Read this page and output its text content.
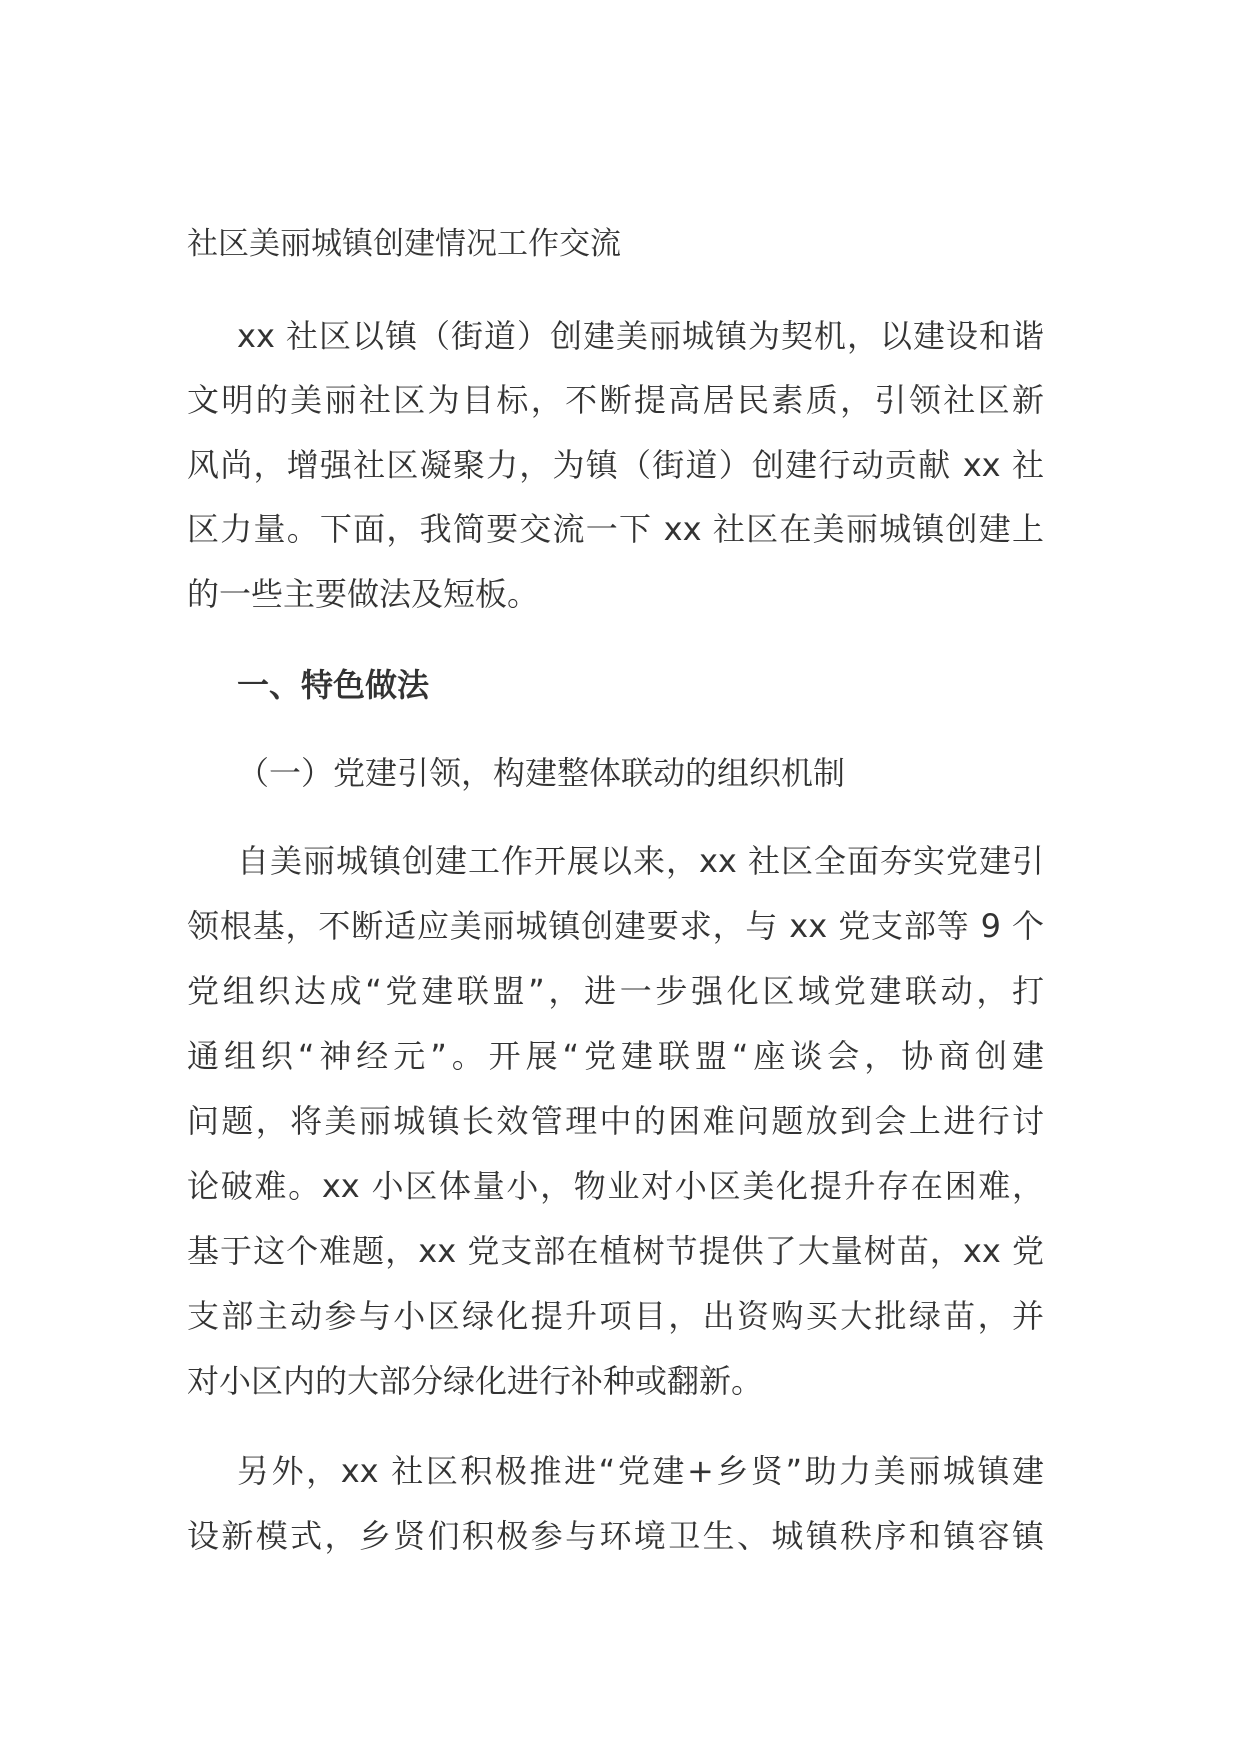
社区美丽城镇创建情况工作交流
xx 社区以镇（街道）创建美丽城镇为契机，以建设和谐
文明的美丽社区为目标，不断提高居民素质，引领社区新
风尚，增强社区凝聚力，为镇（街道）创建行动贡献 xx 社
区力量。下面，我简要交流一下 xx 社区在美丽城镇创建上
的一些主要做法及短板。
一、特色做法
（一）党建引领，构建整体联动的组织机制
自美丽城镇创建工作开展以来，xx 社区全面夯实党建引
领根基，不断适应美丽城镇创建要求，与 xx 党支部等 9 个
党组织达成“党建联盟”，进一步强化区域党建联动，打
通组织“神经元”。开展“党建联盟“座谈会，协商创建
问题，将美丽城镇长效管理中的困难问题放到会上进行讨
论破难。xx 小区体量小，物业对小区美化提升存在困难，
基于这个难题，xx 党支部在植树节提供了大量树苗，xx 党
支部主动参与小区绿化提升项目，出资购买大批绿苗，并
对小区内的大部分绿化进行补种或翻新。
另外，xx 社区积极推进“党建+乡贤”助力美丽城镇建
设新模式，乡贤们积极参与环境卫生、城镇秩序和镇容镇
